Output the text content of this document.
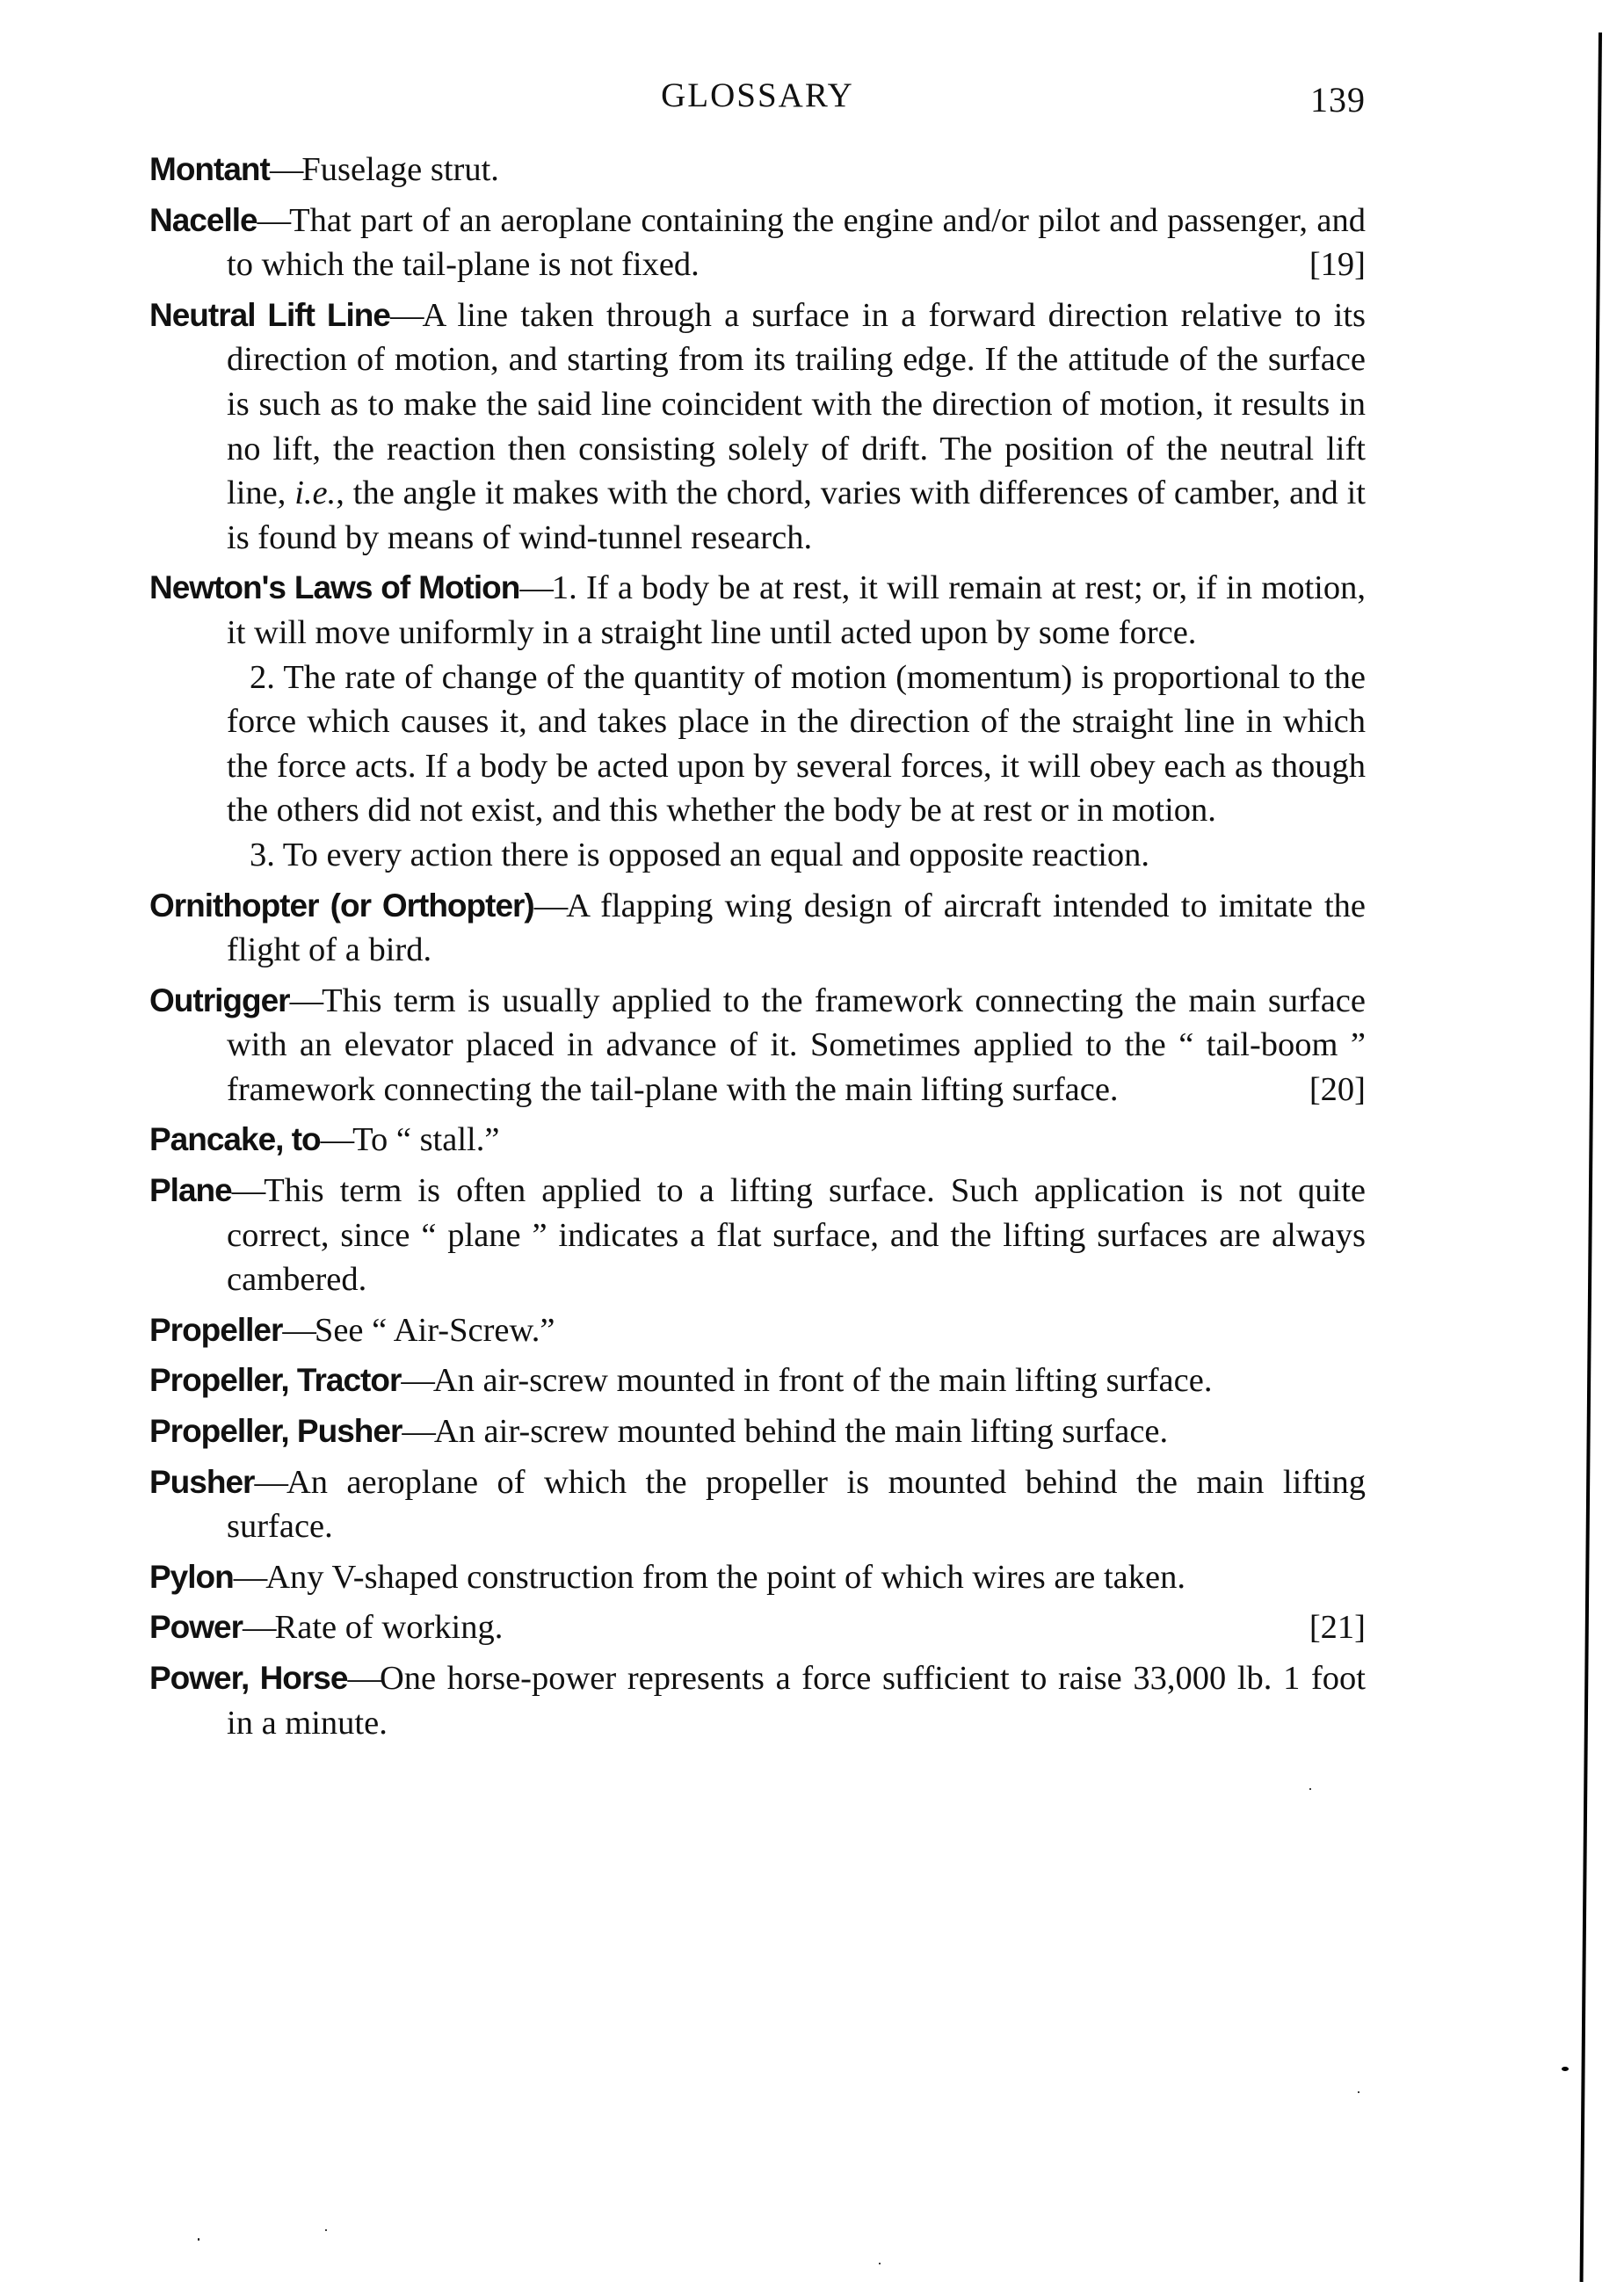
GLOSSARY	139

Montant—Fuselage strut.

Nacelle—That part of an aeroplane containing the engine and/or pilot and passenger, and to which the tail-plane is not fixed.	[19]

Neutral Lift Line—A line taken through a surface in a forward direction relative to its direction of motion, and starting from its trailing edge. If the attitude of the surface is such as to make the said line coincident with the direction of motion, it results in no lift, the reaction then consisting solely of drift. The position of the neutral lift line, i.e., the angle it makes with the chord, varies with differences of camber, and it is found by means of wind-tunnel research.

Newton's Laws of Motion—1. If a body be at rest, it will remain at rest; or, if in motion, it will move uniformly in a straight line until acted upon by some force.

2. The rate of change of the quantity of motion (momentum) is proportional to the force which causes it, and takes place in the direction of the straight line in which the force acts. If a body be acted upon by several forces, it will obey each as though the others did not exist, and this whether the body be at rest or in motion.

3. To every action there is opposed an equal and opposite reaction.

Ornithopter (or Orthopter)—A flapping wing design of aircraft intended to imitate the flight of a bird.

Outrigger—This term is usually applied to the framework connecting the main surface with an elevator placed in advance of it. Sometimes applied to the “ tail-boom ” framework connecting the tail-plane with the main lifting surface.	[20]

Pancake, to—To “ stall.”

Plane—This term is often applied to a lifting surface. Such application is not quite correct, since “ plane ” indicates a flat surface, and the lifting surfaces are always cambered.

Propeller—See “ Air-Screw.”

Propeller, Tractor—An air-screw mounted in front of the main lifting surface.

Propeller, Pusher—An air-screw mounted behind the main lifting surface.

Pusher—An aeroplane of which the propeller is mounted behind the main lifting surface.

Pylon—Any V-shaped construction from the point of which wires are taken.

Power—Rate of working.	[21]

Power, Horse—One horse-power represents a force sufficient to raise 33,000 lb. 1 foot in a minute.
